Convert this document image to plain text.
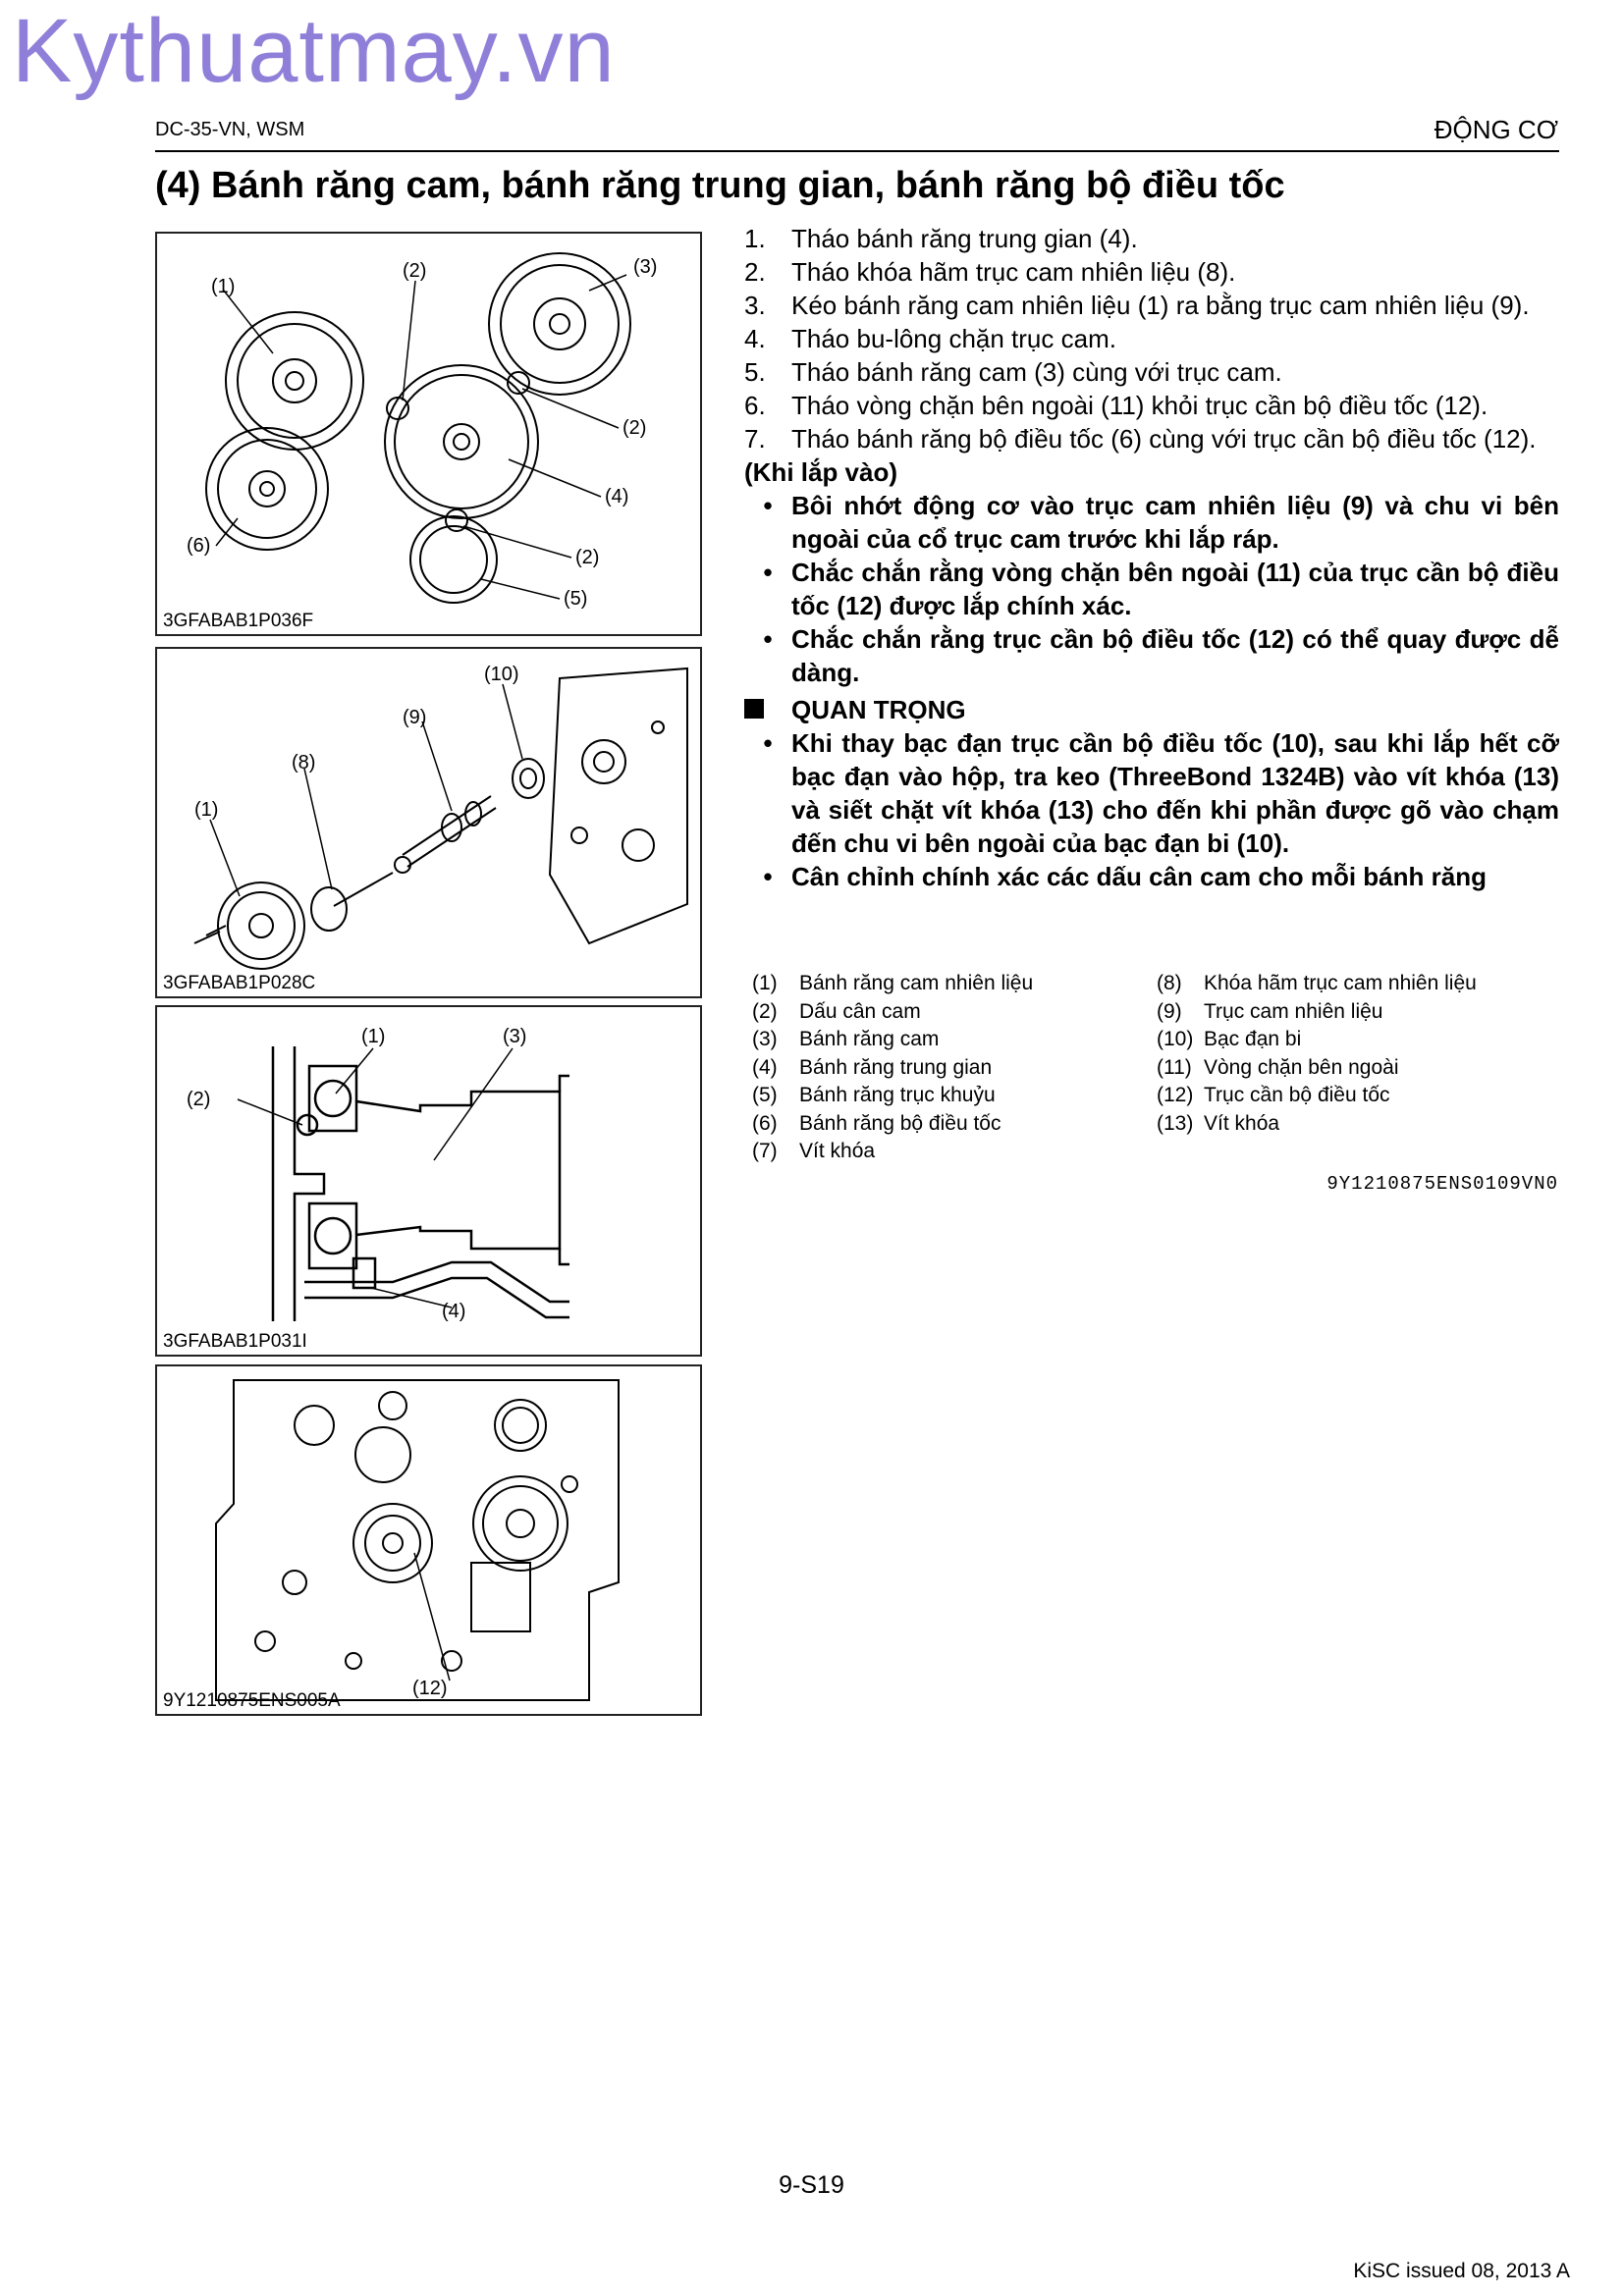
Kythuatmay.vn
DC-35-VN, WSM	ĐỘNG CƠ
(4) Bánh răng cam, bánh răng trung gian, bánh răng bộ điều tốc
(1)
(2)	(3)
(2)
(4)
(6)
(2)
(5)
3GFABAB1P036F
(10)
(9)
(8)
(1)
3GFABAB1P028C
(1)	(3)
(2)
(4)
3GFABAB1P031I
(12)
9Y1210875ENS005A
1.	Tháo bánh răng trung gian (4).
2.	Tháo khóa hãm trục cam nhiên liệu (8).
3.	Kéo bánh răng cam nhiên liệu (1) ra bằng trục cam nhiên liệu (9).
4.	Tháo bu-lông chặn trục cam.
5.	Tháo bánh răng cam (3) cùng với trục cam.
6.	Tháo vòng chặn bên ngoài (11) khỏi trục cần bộ điều tốc (12).
7.	Tháo bánh răng bộ điều tốc (6) cùng với trục cần bộ điều tốc (12).
(Khi lắp vào)
• Bôi nhớt động cơ vào trục cam nhiên liệu (9) và chu vi bên ngoài của cổ trục cam trước khi lắp ráp.
• Chắc chắn rằng vòng chặn bên ngoài (11) của trục cần bộ điều tốc (12) được lắp chính xác.
• Chắc chắn rằng trục cần bộ điều tốc (12) có thể quay được dễ dàng.
QUAN TRỌNG
• Khi thay bạc đạn trục cần bộ điều tốc (10), sau khi lắp hết cỡ bạc đạn vào hộp, tra keo (ThreeBond 1324B) vào vít khóa (13) và siết chặt vít khóa (13) cho đến khi phần được gõ vào chạm đến chu vi bên ngoài của bạc đạn bi (10).
• Cân chỉnh chính xác các dấu cân cam cho mỗi bánh răng
(1)	Bánh răng cam nhiên liệu
(2)	Dấu cân cam
(3)	Bánh răng cam
(4)	Bánh răng trung gian
(5)	Bánh răng trục khuỷu
(6)	Bánh răng bộ điều tốc
(7)	Vít khóa
(8)	Khóa hãm trục cam nhiên liệu
(9)	Trục cam nhiên liệu
(10) Bạc đạn bi
(11) Vòng chặn bên ngoài
(12) Trục cần bộ điều tốc
(13) Vít khóa
9Y1210875ENS0109VN0
9-S19
KiSC issued 08, 2013 A
